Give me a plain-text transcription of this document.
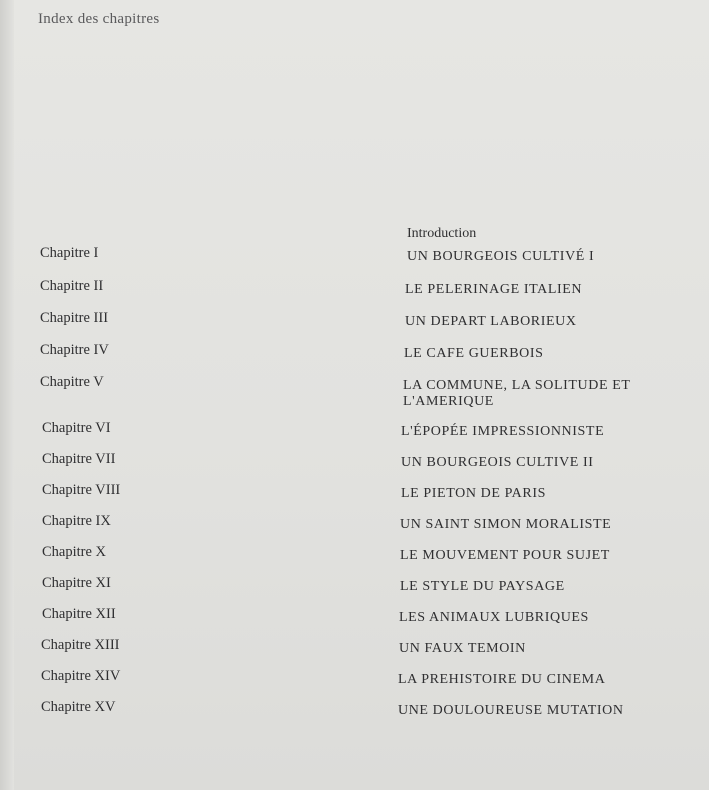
Index des chapitres
Introduction
Chapitre I	UN BOURGEOIS CULTIVÉ I
Chapitre II	LE PELERINAGE ITALIEN
Chapitre III	UN DEPART LABORIEUX
Chapitre IV	LE CAFE GUERBOIS
Chapitre V	LA COMMUNE, LA SOLITUDE ET
L'AMERIQUE
Chapitre VI	L'ÉPOPÉE IMPRESSIONNISTE
Chapitre VII	UN BOURGEOIS CULTIVE II
Chapitre VIII	LE PIETON DE PARIS
Chapitre IX	UN SAINT SIMON MORALISTE
Chapitre X	LE MOUVEMENT POUR SUJET
Chapitre XI	LE STYLE DU PAYSAGE
Chapitre XII	LES ANIMAUX LUBRIQUES
Chapitre XIII	UN FAUX TEMOIN
Chapitre XIV	LA PREHISTOIRE DU CINEMA
Chapitre XV	UNE DOULOUREUSE MUTATION
